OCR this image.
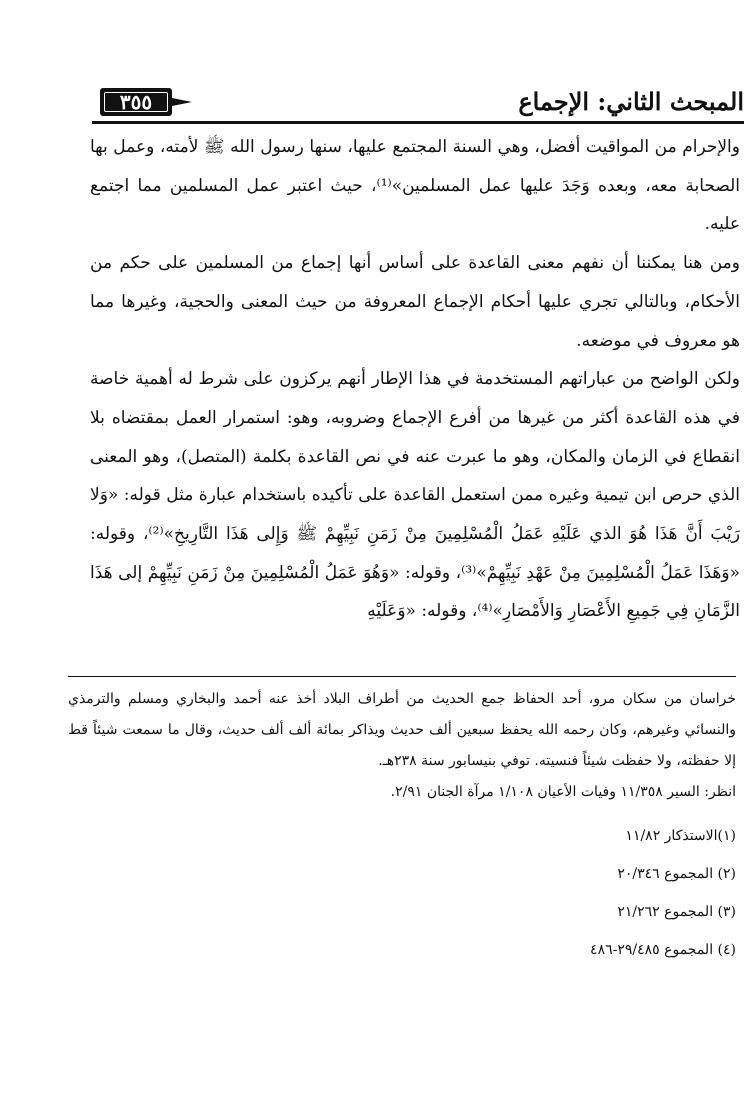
٣٥٥	المبحث الثاني: الإجماع

والإحرام من المواقيت أفضل، وهي السنة المجتمع عليها، سنها رسول الله ﷺ لأمته، وعمل بها الصحابة معه، وبعده وَجَدَ عليها عمل المسلمين»⁽¹⁾، حيث اعتبر عمل المسلمين مما اجتمع عليه.

ومن هنا يمكننا أن نفهم معنى القاعدة على أساس أنها إجماع من المسلمين على حكم من الأحكام، وبالتالي تجري عليها أحكام الإجماع المعروفة من حيث المعنى والحجية، وغيرها مما هو معروف في موضعه.

ولكن الواضح من عباراتهم المستخدمة في هذا الإطار أنهم يركزون على شرط له أهمية خاصة في هذه القاعدة أكثر من غيرها من أفرع الإجماع وضروبه، وهو: استمرار العمل بمقتضاه بلا انقطاع في الزمان والمكان، وهو ما عبرت عنه في نص القاعدة بكلمة (المتصل)، وهو المعنى الذي حرص ابن تيمية وغيره ممن استعمل القاعدة على تأكيده باستخدام عبارة مثل قوله: «وَلا رَيْبَ أَنَّ هَذَا هُوَ الذي عَلَيْهِ عَمَلُ الْمُسْلِمِينَ مِنْ زَمَنِ نَبِيِّهِمْ ﷺ وَإِلى هَذَا التَّارِيخِ»⁽²⁾، وقوله: «وَهَذَا عَمَلُ الْمُسْلِمِينَ مِنْ عَهْدِ نَبِيِّهِمْ»⁽³⁾، وقوله: «وَهُوَ عَمَلُ الْمُسْلِمِينَ مِنْ زَمَنِ نَبِيِّهِمْ إلى هَذَا الزَّمَانِ فِي جَمِيعِ الأَعْصَارِ وَالأَمْصَارِ»⁽⁴⁾، وقوله: «وَعَلَيْهِ

خراسان من سكان مرو، أحد الحفاظ جمع الحديث من أطراف البلاد أخذ عنه أحمد والبخاري ومسلم والترمذي والنسائي وغيرهم، وكان رحمه الله يحفظ سبعين ألف حديث ويذاكر بمائة ألف ألف حديث، وقال ما سمعت شيئاً قط إلا حفظته، ولا حفظت شيئاً فنسيته. توفي بنيسابور سنة ٢٣٨هـ.

انظر: السير ١١/٣٥٨ وفيات الأعيان ١/١٠٨ مرآة الجنان ٢/٩١.

(١)الاستذكار ١١/٨٢
(٢) المجموع ٢٠/٣٤٦
(٣) المجموع ٢١/٢٦٢
(٤) المجموع ٢٩/٤٨٥-٤٨٦
